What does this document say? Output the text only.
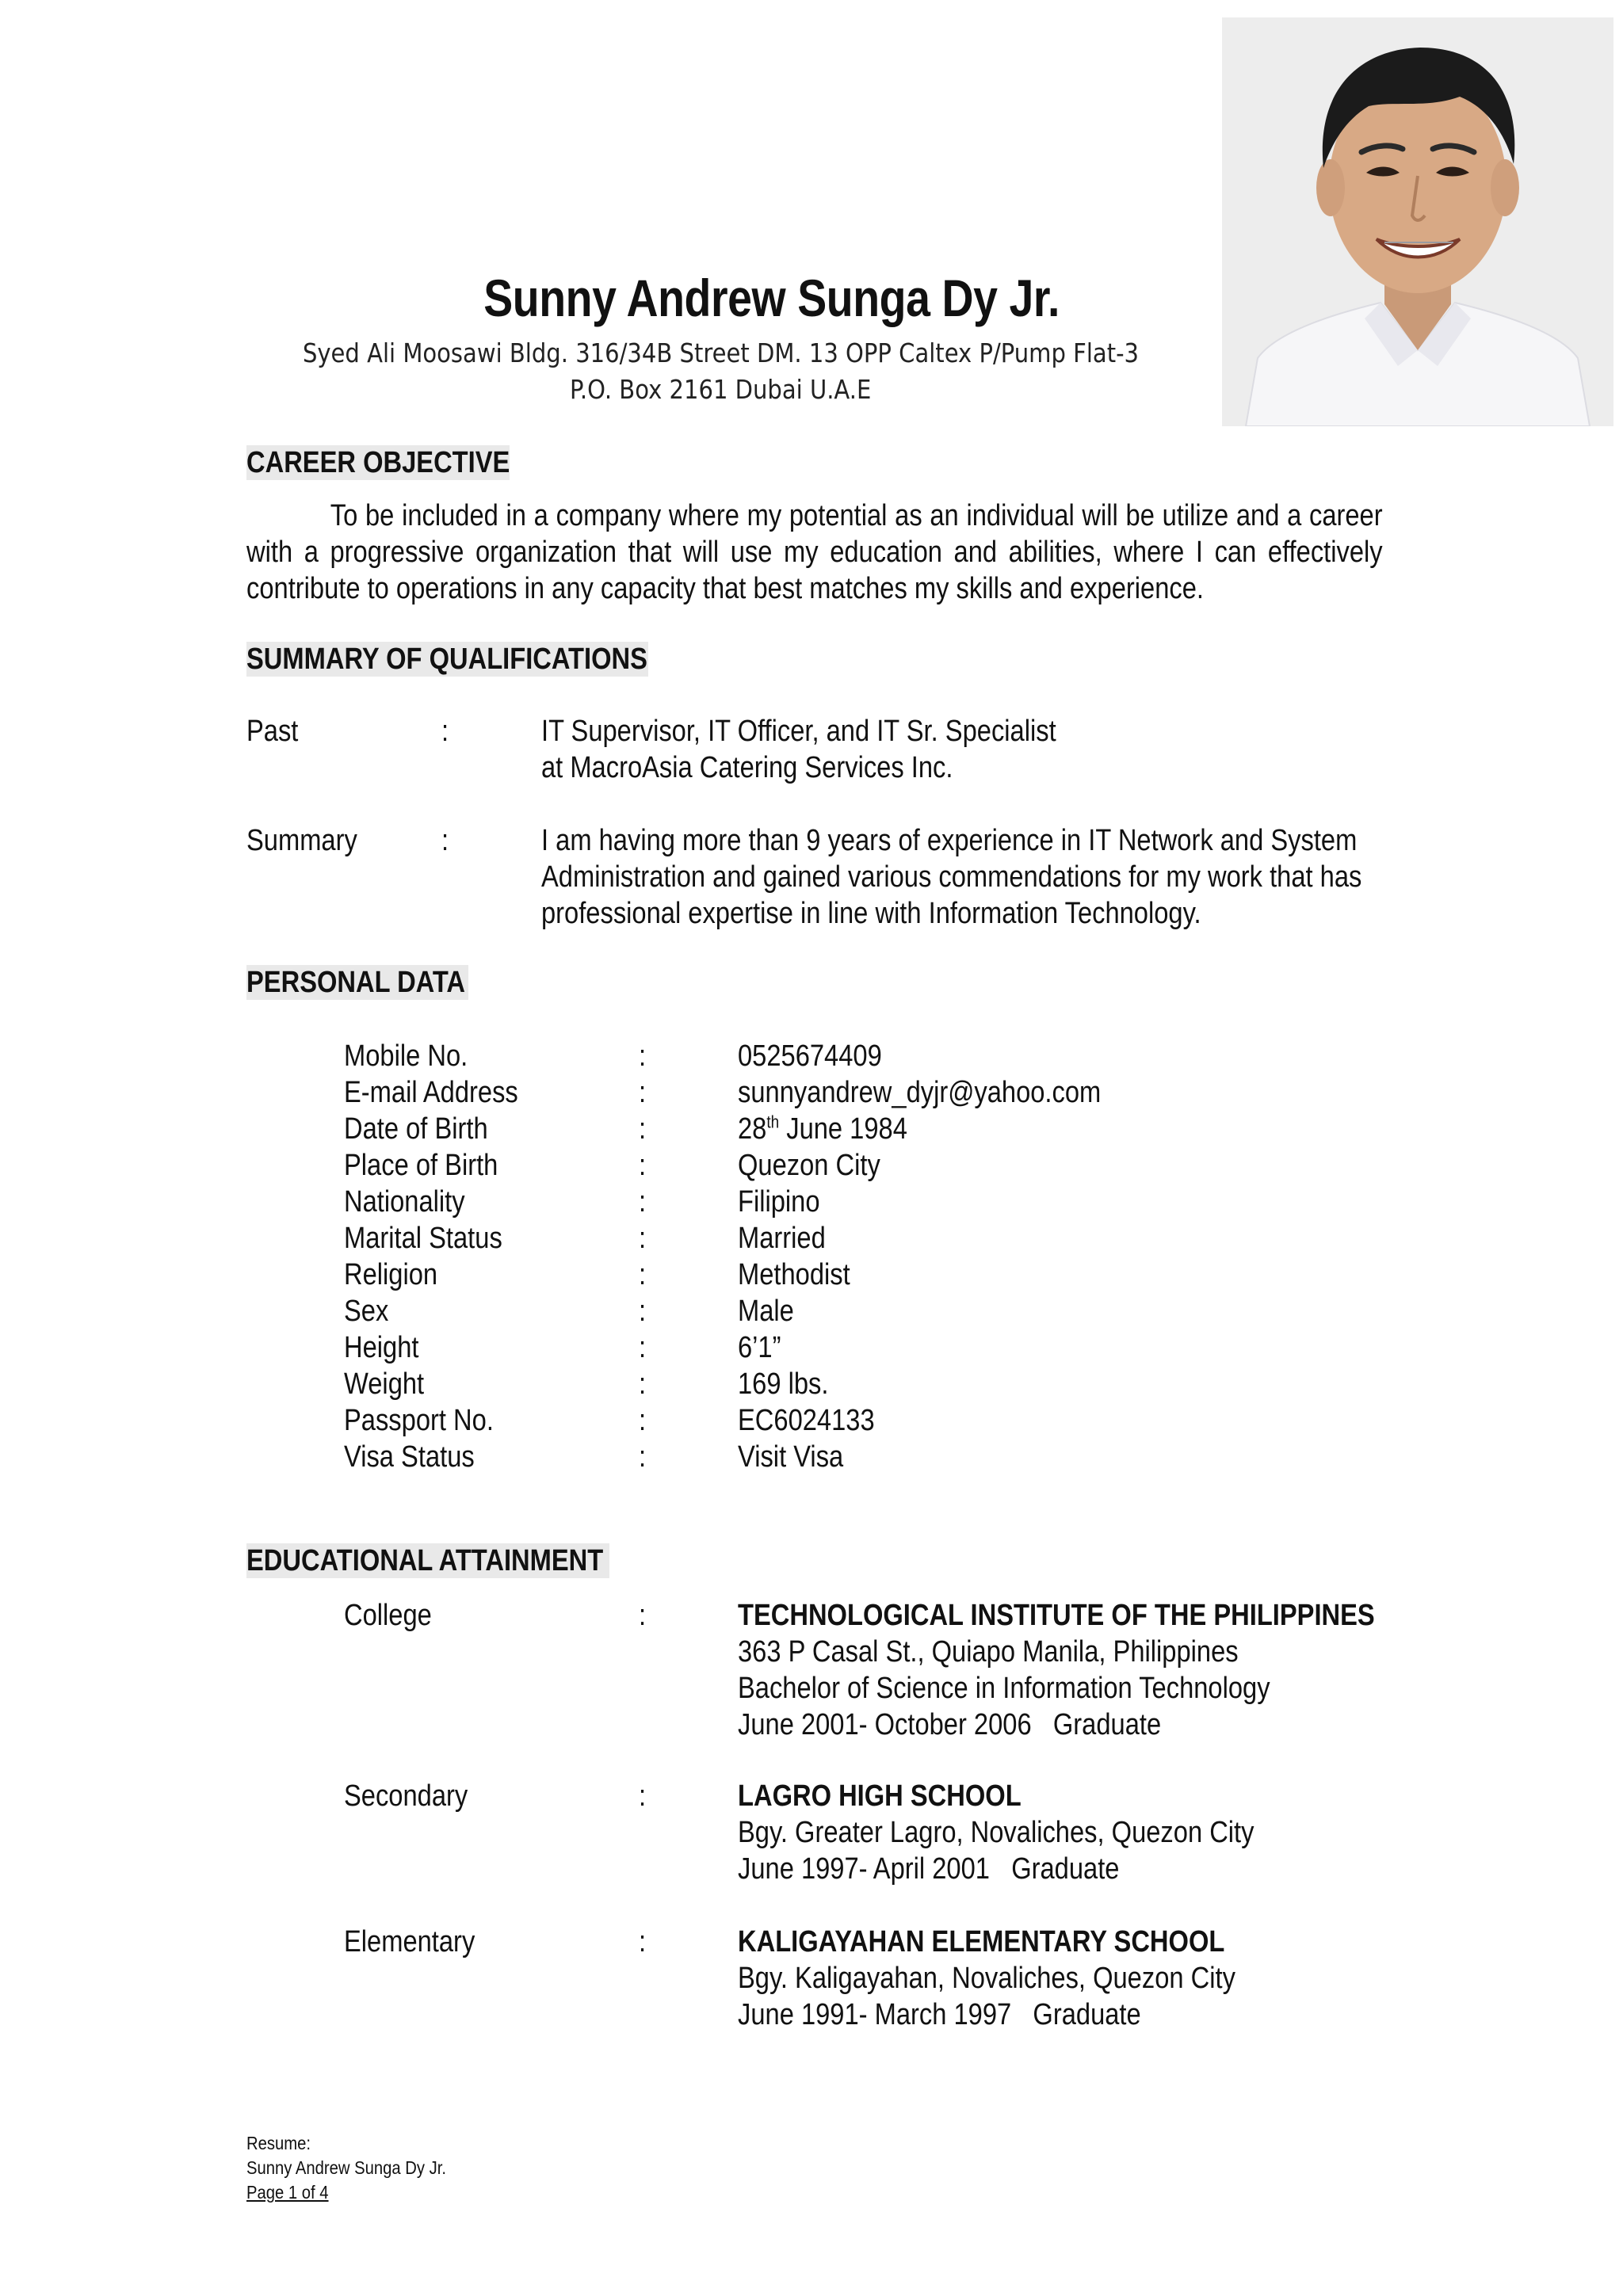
Sunny Andrew Sunga Dy Jr.
Syed Ali Moosawi Bldg. 316/34B Street DM. 13 OPP Caltex P/Pump Flat-3
P.O. Box 2161 Dubai U.A.E
CAREER OBJECTIVE
To be included in a company where my potential as an individual will be utilize and a career with a progressive organization that will use my education and abilities, where I can effectively contribute to operations in any capacity that best matches my skills and experience.
SUMMARY OF QUALIFICATIONS
Past	:	IT Supervisor, IT Officer, and IT Sr. Specialist
at MacroAsia Catering Services Inc.
Summary	:	I am having more than 9 years of experience in IT Network and System
Administration and gained various commendations for my work that has
professional expertise in line with Information Technology.
PERSONAL DATA
Mobile No.	:	0525674409
E-mail Address	:	sunnyandrew_dyjr@yahoo.com
Date of Birth	:	28th June 1984
Place of Birth	:	Quezon City
Nationality	:	Filipino
Marital Status	:	Married
Religion	:	Methodist
Sex	:	Male
Height	:	6’1”
Weight	:	169 lbs.
Passport No.	:	EC6024133
Visa Status	:	Visit Visa
EDUCATIONAL ATTAINMENT
College	:	TECHNOLOGICAL INSTITUTE OF THE PHILIPPINES
363 P Casal St., Quiapo Manila, Philippines
Bachelor of Science in Information Technology
June 2001- October 2006   Graduate
Secondary	:	LAGRO HIGH SCHOOL
Bgy. Greater Lagro, Novaliches, Quezon City
June 1997- April 2001   Graduate
Elementary	:	KALIGAYAHAN ELEMENTARY SCHOOL
Bgy. Kaligayahan, Novaliches, Quezon City
June 1991- March 1997   Graduate
Resume:
Sunny Andrew Sunga Dy Jr.
Page 1 of 4
